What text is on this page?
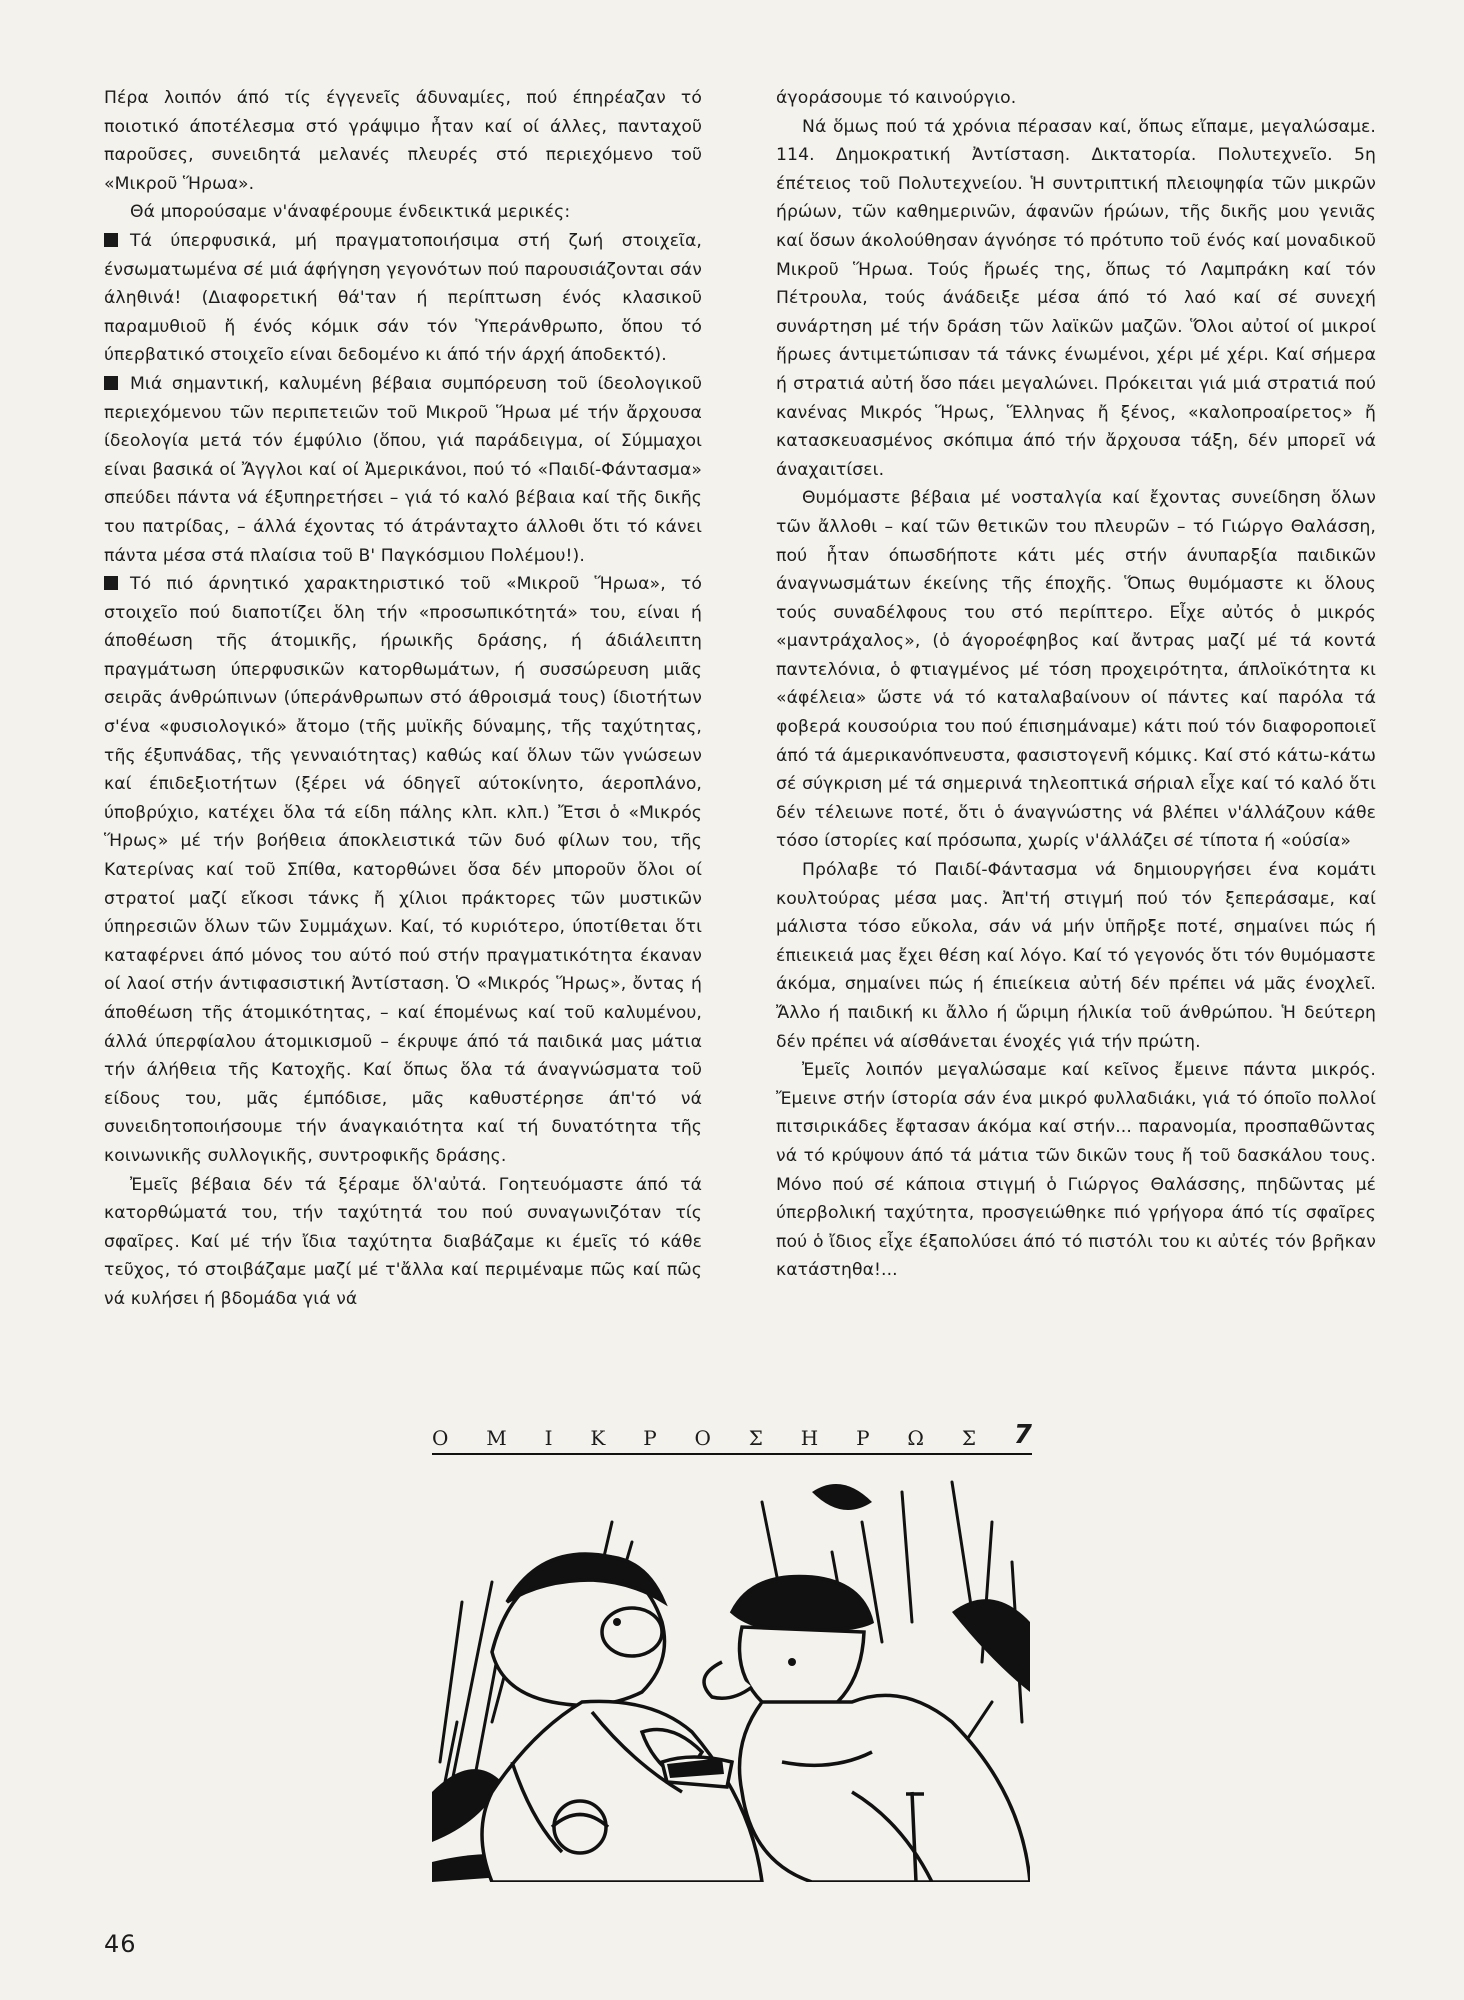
Πέρα λοιπόν άπό τίς έγγενεῖς άδυναμίες, πού έπηρέαζαν τό ποιοτικό άποτέλεσμα στό γράψιμο ἦταν καί οί άλλες, πανταχοῦ παροῦσες, συνειδητά μελανές πλευρές στό περιεχόμενο τοῦ «Μικροῦ Ἥρωα».

Θά μπορούσαμε ν'άναφέρουμε ένδεικτικά μερικές:

Τά ύπερφυσικά, μή πραγματοποιήσιμα στή ζωή στοιχεῖα, ένσωματωμένα σέ μιά άφήγηση γεγονότων πού παρουσιάζονται σάν άληθινά! (Διαφορετική θά'ταν ή περίπτωση ένός κλασικοῦ παραμυθιοῦ ἤ ένός κόμικ σάν τόν Ὑπεράνθρωπο, ὅπου τό ύπερβατικό στοιχεῖο είναι δεδομένο κι άπό τήν άρχή άποδεκτό).

Μιά σημαντική, καλυμένη βέβαια συμπόρευση τοῦ ίδεολογικοῦ περιεχόμενου τῶν περιπετειῶν τοῦ Μικροῦ Ἥρωα μέ τήν ἄρχουσα ίδεολογία μετά τόν έμφύλιο (ὅπου, γιά παράδειγμα, οί Σύμμαχοι είναι βασικά οί Ἄγγλοι καί οί Ἀμερικάνοι, πού τό «Παιδί-Φάντασμα» σπεύδει πάντα νά έξυπηρετήσει – γιά τό καλό βέβαια καί τῆς δικῆς του πατρίδας, – άλλά έχοντας τό άτράνταχτο άλλοθι ὅτι τό κάνει πάντα μέσα στά πλαίσια τοῦ Β' Παγκόσμιου Πολέμου!).

Τό πιό άρνητικό χαρακτηριστικό τοῦ «Μικροῦ Ἥρωα», τό στοιχεῖο πού διαποτίζει ὅλη τήν «προσωπικότητά» του, είναι ή άποθέωση τῆς άτομικῆς, ήρωικῆς δράσης, ή άδιάλειπτη πραγμάτωση ύπερφυσικῶν κατορθωμάτων, ή συσσώρευση μιᾶς σειρᾶς άνθρώπινων (ύπεράνθρωπων στό άθροισμά τους) ίδιοτήτων σ'ένα «φυσιολογικό» ἄτομο (τῆς μυϊκῆς δύναμης, τῆς ταχύτητας, τῆς έξυπνάδας, τῆς γενναιότητας) καθώς καί ὅλων τῶν γνώσεων καί έπιδεξιοτήτων (ξέρει νά όδηγεῖ αύτοκίνητο, άεροπλάνο, ύποβρύχιο, κατέχει ὅλα τά είδη πάλης κλπ. κλπ.) Ἔτσι ὁ «Μικρός Ἥρως» μέ τήν βοήθεια άποκλειστικά τῶν δυό φίλων του, τῆς Κατερίνας καί τοῦ Σπίθα, κατορθώνει ὅσα δέν μποροῦν ὅλοι οί στρατοί μαζί εἴκοσι τάνκς ἤ χίλιοι πράκτορες τῶν μυστικῶν ύπηρεσιῶν ὅλων τῶν Συμμάχων. Καί, τό κυριότερο, ύποτίθεται ὅτι καταφέρνει άπό μόνος του αύτό πού στήν πραγματικότητα έκαναν οί λαοί στήν άντιφασιστική Ἀντίσταση. Ὁ «Μικρός Ἥρως», ὄντας ή άποθέωση τῆς άτομικότητας, – καί έπομένως καί τοῦ καλυμένου, άλλά ύπερφίαλου άτομικισμοῦ – έκρυψε άπό τά παιδικά μας μάτια τήν άλήθεια τῆς Κατοχῆς. Καί ὅπως ὅλα τά άναγνώσματα τοῦ είδους του, μᾶς έμπόδισε, μᾶς καθυστέρησε άπ'τό νά συνειδητοποιήσουμε τήν άναγκαιότητα καί τή δυνατότητα τῆς κοινωνικῆς συλλογικῆς, συντροφικῆς δράσης.

Ἐμεῖς βέβαια δέν τά ξέραμε ὅλ'αὐτά. Γοητευόμαστε άπό τά κατορθώματά του, τήν ταχύτητά του πού συναγωνιζόταν τίς σφαῖρες. Καί μέ τήν ἴδια ταχύτητα διαβάζαμε κι έμεῖς τό κάθε τεῦχος, τό στοιβάζαμε μαζί μέ τ'ἄλλα καί περιμέναμε πῶς καί πῶς νά κυλήσει ή βδομάδα γιά νά

άγοράσουμε τό καινούργιο.

Νά ὅμως πού τά χρόνια πέρασαν καί, ὅπως εἴπαμε, μεγαλώσαμε. 114. Δημοκρατική Ἀντίσταση. Δικτατορία. Πολυτεχνεῖο. 5η έπέτειος τοῦ Πολυτεχνείου. Ἡ συντριπτική πλειοψηφία τῶν μικρῶν ήρώων, τῶν καθημερινῶν, άφανῶν ήρώων, τῆς δικῆς μου γενιᾶς καί ὅσων άκολούθησαν άγνόησε τό πρότυπο τοῦ ένός καί μοναδικοῦ Μικροῦ Ἥρωα. Τούς ἥρωές της, ὅπως τό Λαμπράκη καί τόν Πέτρουλα, τούς άνάδειξε μέσα άπό τό λαό καί σέ συνεχή συνάρτηση μέ τήν δράση τῶν λαϊκῶν μαζῶν. Ὅλοι αὐτοί οί μικροί ἥρωες άντιμετώπισαν τά τάνκς ένωμένοι, χέρι μέ χέρι. Καί σήμερα ή στρατιά αὐτή ὅσο πάει μεγαλώνει. Πρόκειται γιά μιά στρατιά πού κανένας Μικρός Ἥρως, Ἕλληνας ἤ ξένος, «καλοπροαίρετος» ἤ κατασκευασμένος σκόπιμα άπό τήν ἄρχουσα τάξη, δέν μπορεῖ νά άναχαιτίσει.

Θυμόμαστε βέβαια μέ νοσταλγία καί ἔχοντας συνείδηση ὅλων τῶν ἄλλοθι – καί τῶν θετικῶν του πλευρῶν – τό Γιώργο Θαλάσση, πού ἦταν όπωσδήποτε κάτι μές στήν άνυπαρξία παιδικῶν άναγνωσμάτων έκείνης τῆς έποχῆς. Ὅπως θυμόμαστε κι ὅλους τούς συναδέλφους του στό περίπτερο. Εἶχε αὐτός ὁ μικρός «μαντράχαλος», (ὁ άγοροέφηβος καί ἄντρας μαζί μέ τά κοντά παντελόνια, ὁ φτιαγμένος μέ τόση προχειρότητα, άπλοϊκότητα κι «άφέλεια» ὥστε νά τό καταλαβαίνουν οί πάντες καί παρόλα τά φοβερά κουσούρια του πού έπισημάναμε) κάτι πού τόν διαφοροποιεῖ άπό τά άμερικανόπνευστα, φασιστογενῆ κόμικς. Καί στό κάτω-κάτω σέ σύγκριση μέ τά σημερινά τηλεοπτικά σήριαλ εἶχε καί τό καλό ὅτι δέν τέλειωνε ποτέ, ὅτι ὁ άναγνώστης νά βλέπει ν'άλλάζουν κάθε τόσο ίστορίες καί πρόσωπα, χωρίς ν'άλλάζει σέ τίποτα ή «ούσία»

Πρόλαβε τό Παιδί-Φάντασμα νά δημιουργήσει ένα κομάτι κουλτούρας μέσα μας. Ἀπ'τή στιγμή πού τόν ξεπεράσαμε, καί μάλιστα τόσο εὔκολα, σάν νά μήν ὑπῆρξε ποτέ, σημαίνει πώς ή έπιεικειά μας ἔχει θέση καί λόγο. Καί τό γεγονός ὅτι τόν θυμόμαστε άκόμα, σημαίνει πώς ή έπιείκεια αὐτή δέν πρέπει νά μᾶς ένοχλεῖ. Ἄλλο ή παιδική κι ἄλλο ή ὥριμη ήλικία τοῦ άνθρώπου. Ἡ δεύτερη δέν πρέπει νά αίσθάνεται ένοχές γιά τήν πρώτη.

Ἐμεῖς λοιπόν μεγαλώσαμε καί κεῖνος ἔμεινε πάντα μικρός. Ἔμεινε στήν ίστορία σάν ένα μικρό φυλλαδιάκι, γιά τό όποῖο πολλοί πιτσιρικάδες ἔφτασαν άκόμα καί στήν... παρανομία, προσπαθῶντας νά τό κρύψουν άπό τά μάτια τῶν δικῶν τους ἤ τοῦ δασκάλου τους. Μόνο πού σέ κάποια στιγμή ὁ Γιώργος Θαλάσσης, πηδῶντας μέ ύπερβολική ταχύτητα, προσγειώθηκε πιό γρήγορα άπό τίς σφαῖρες πού ὁ ἴδιος εἶχε έξαπολύσει άπό τό πιστόλι του κι αὐτές τόν βρῆκαν κατάστηθα!...

Ο Μ Ι Κ Ρ Ο Σ Η Ρ Ω Σ 7
46
